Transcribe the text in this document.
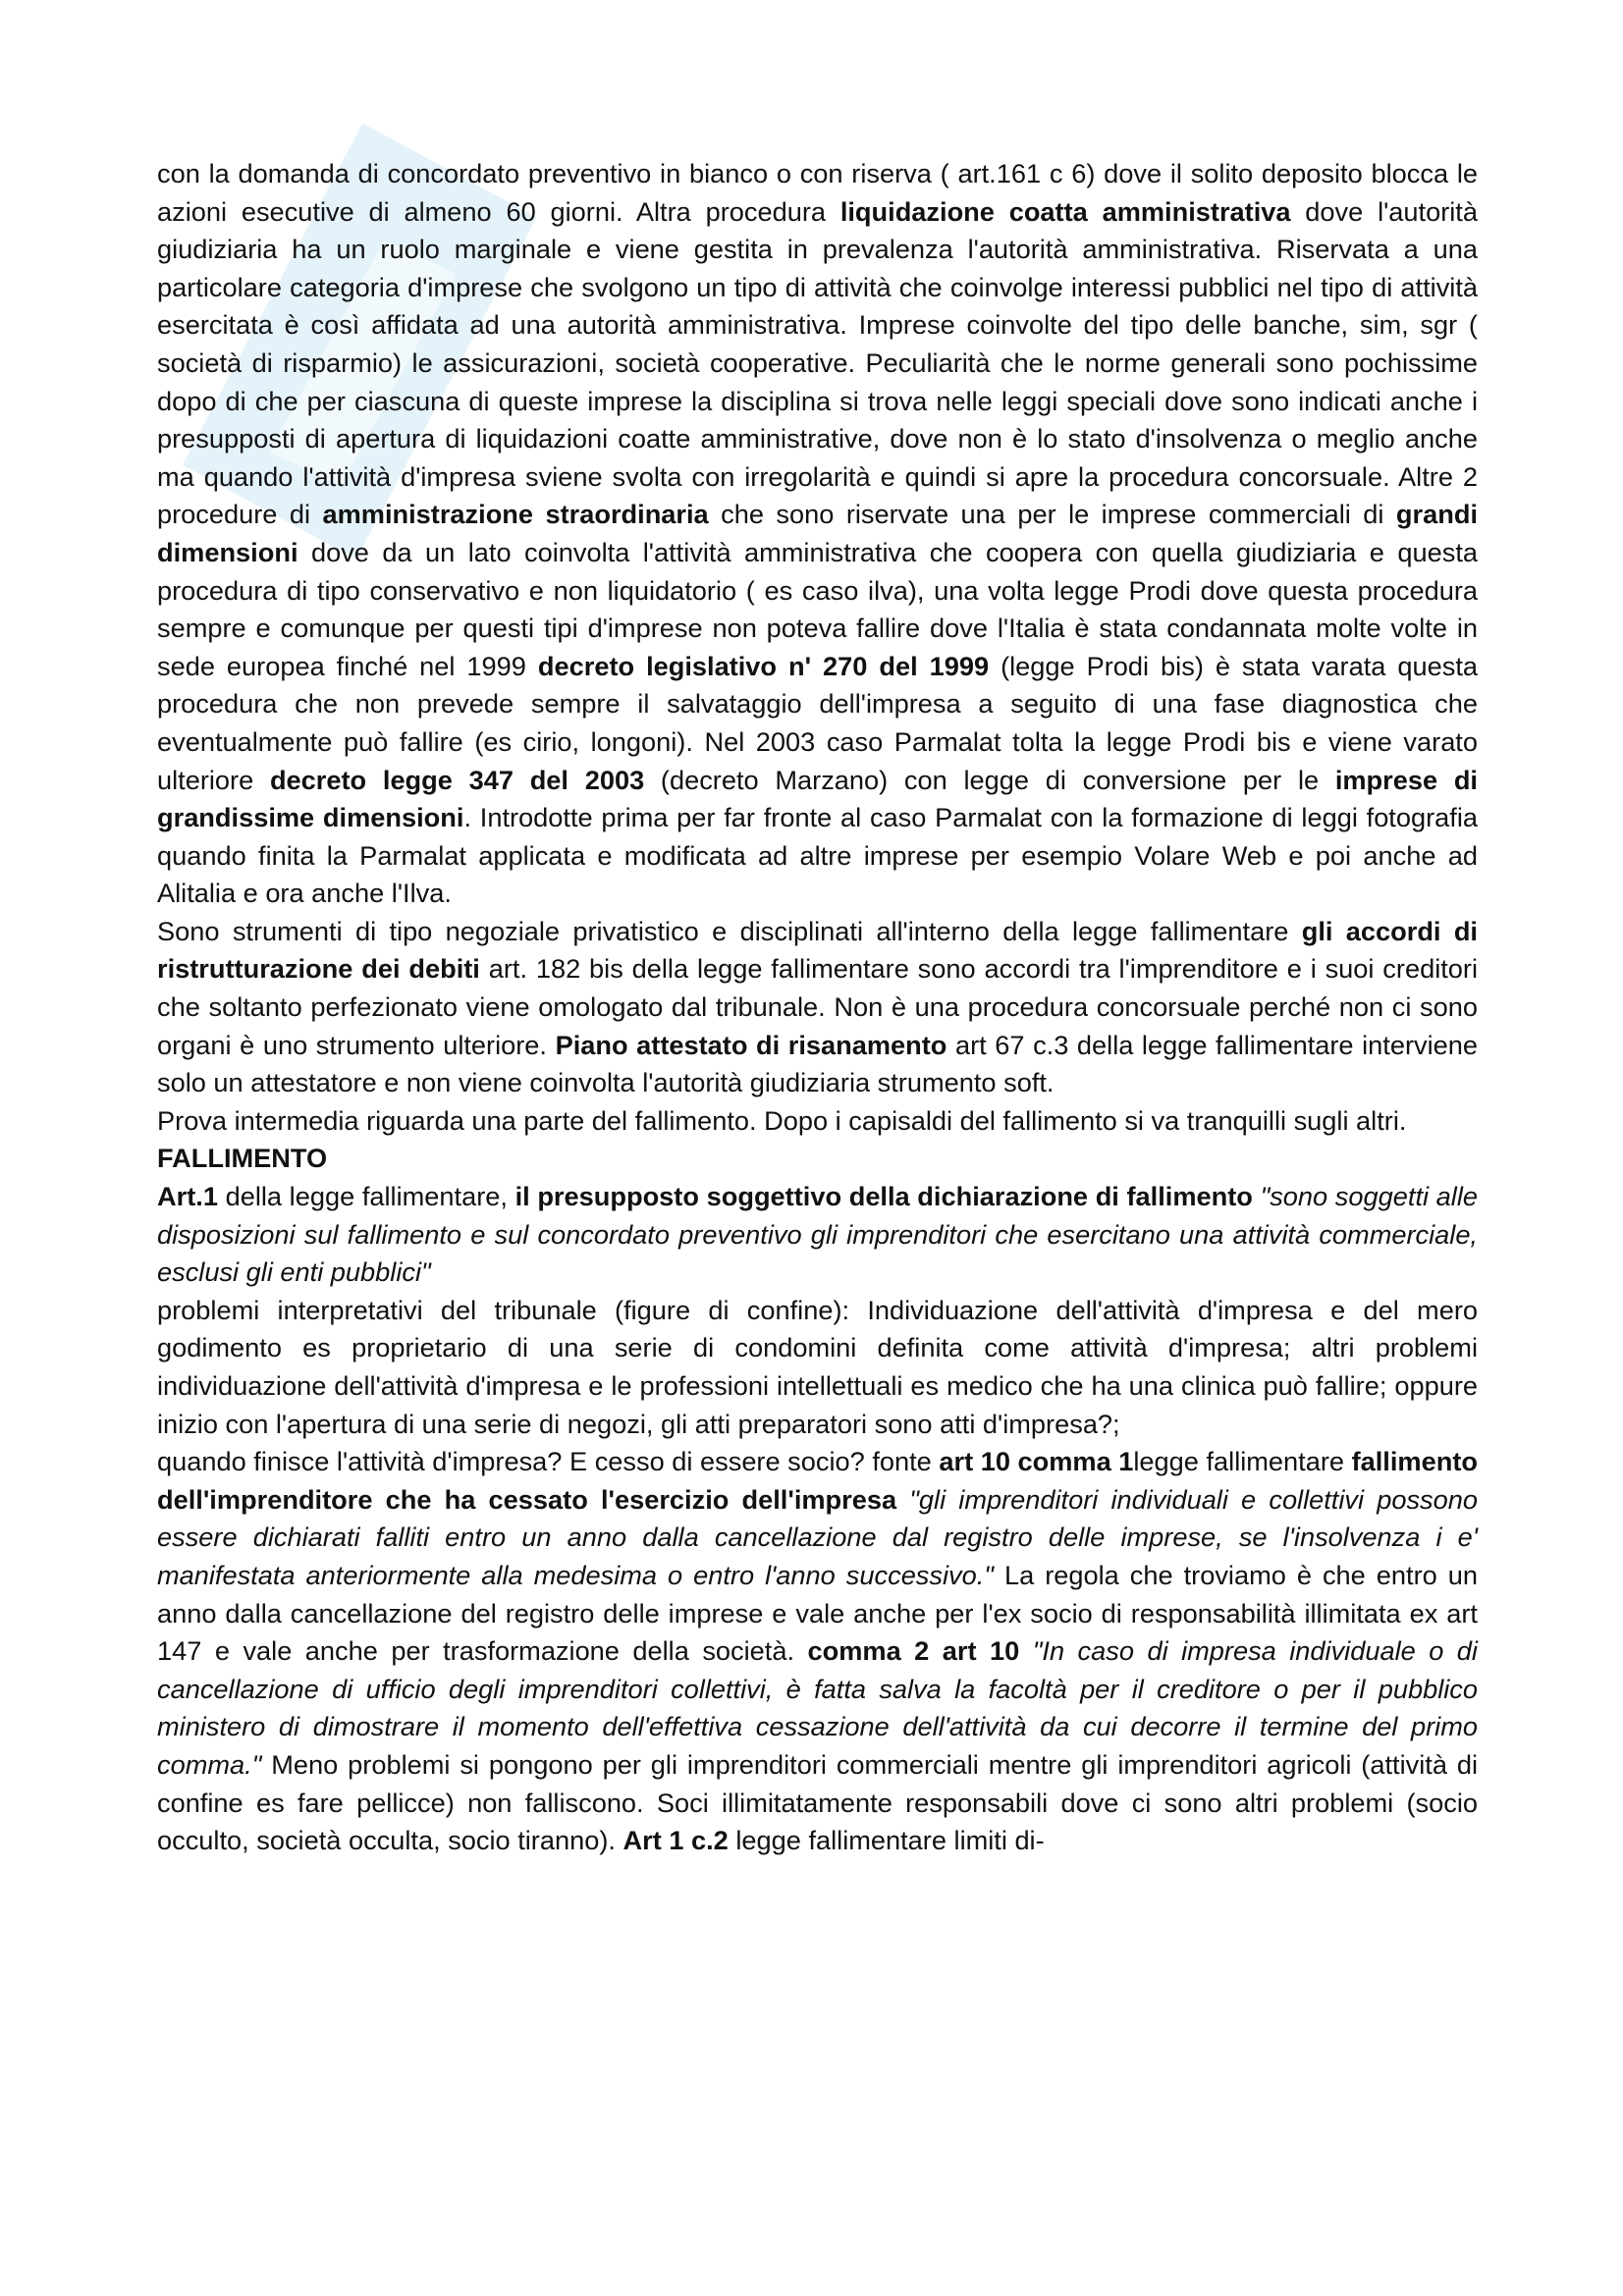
con la domanda di concordato preventivo in bianco o con riserva ( art.161 c 6) dove il solito deposito blocca le azioni esecutive di almeno 60 giorni. Altra procedura liquidazione coatta amministrativa dove l'autorità giudiziaria ha un ruolo marginale e viene gestita in prevalenza l'autorità amministrativa. Riservata a una particolare categoria d'imprese che svolgono un tipo di attività che coinvolge interessi pubblici nel tipo di attività esercitata è così affidata ad una autorità amministrativa. Imprese coinvolte del tipo delle banche, sim, sgr ( società di risparmio) le assicurazioni, società cooperative. Peculiarità che le norme generali sono pochissime dopo di che per ciascuna di queste imprese la disciplina si trova nelle leggi speciali dove sono indicati anche i presupposti di apertura di liquidazioni coatte amministrative, dove non è lo stato d'insolvenza o meglio anche ma quando l'attività d'impresa sviene svolta con irregolarità e quindi si apre la procedura concorsuale. Altre 2 procedure di amministrazione straordinaria che sono riservate una per le imprese commerciali di grandi dimensioni dove da un lato coinvolta l'attività amministrativa che coopera con quella giudiziaria e questa procedura di tipo conservativo e non liquidatorio ( es caso ilva), una volta legge Prodi dove questa procedura sempre e comunque per questi tipi d'imprese non poteva fallire dove l'Italia è stata condannata molte volte in sede europea finché nel 1999 decreto legislativo n' 270 del 1999 (legge Prodi bis) è stata varata questa procedura che non prevede sempre il salvataggio dell'impresa a seguito di una fase diagnostica che eventualmente può fallire (es cirio, longoni). Nel 2003 caso Parmalat tolta la legge Prodi bis e viene varato ulteriore decreto legge 347 del 2003 (decreto Marzano) con legge di conversione per le imprese di grandissime dimensioni. Introdotte prima per far fronte al caso Parmalat con la formazione di leggi fotografia quando finita la Parmalat applicata e modificata ad altre imprese per esempio Volare Web e poi anche ad Alitalia e ora anche l'Ilva.

Sono strumenti di tipo negoziale privatistico e disciplinati all'interno della legge fallimentare gli accordi di ristrutturazione dei debiti art. 182 bis della legge fallimentare sono accordi tra l'imprenditore e i suoi creditori che soltanto perfezionato viene omologato dal tribunale. Non è una procedura concorsuale perché non ci sono organi è uno strumento ulteriore. Piano attestato di risanamento art 67 c.3 della legge fallimentare interviene solo un attestatore e non viene coinvolta l'autorità giudiziaria strumento soft.

Prova intermedia riguarda una parte del fallimento. Dopo i capisaldi del fallimento si va tranquilli sugli altri.

FALLIMENTO

Art.1 della legge fallimentare, il presupposto soggettivo della dichiarazione di fallimento "sono soggetti alle disposizioni sul fallimento e sul concordato preventivo gli imprenditori che esercitano una attività commerciale, esclusi gli enti pubblici"

problemi interpretativi del tribunale (figure di confine): Individuazione dell'attività d'impresa e del mero godimento es proprietario di una serie di condomini definita come attività d'impresa; altri problemi individuazione dell'attività d'impresa e le professioni intellettuali es medico che ha una clinica può fallire; oppure inizio con l'apertura di una serie di negozi, gli atti preparatori sono atti d'impresa?;

quando finisce l'attività d'impresa? E cesso di essere socio? fonte art 10 comma 1legge fallimentare fallimento dell'imprenditore che ha cessato l'esercizio dell'impresa "gli imprenditori individuali e collettivi possono essere dichiarati falliti entro un anno dalla cancellazione dal registro delle imprese, se l'insolvenza i e' manifestata anteriormente alla medesima o entro l'anno successivo." La regola che troviamo è che entro un anno dalla cancellazione del registro delle imprese e vale anche per l'ex socio di responsabilità illimitata ex art 147 e vale anche per trasformazione della società. comma 2 art 10 "In caso di impresa individuale o di cancellazione di ufficio degli imprenditori collettivi, è fatta salva la facoltà per il creditore o per il pubblico ministero di dimostrare il momento dell'effettiva cessazione dell'attività da cui decorre il termine del primo comma." Meno problemi si pongono per gli imprenditori commerciali mentre gli imprenditori agricoli (attività di confine es fare pellicce) non falliscono. Soci illimitatamente responsabili dove ci sono altri problemi (socio occulto, società occulta, socio tiranno). Art 1 c.2 legge fallimentare limiti di-
